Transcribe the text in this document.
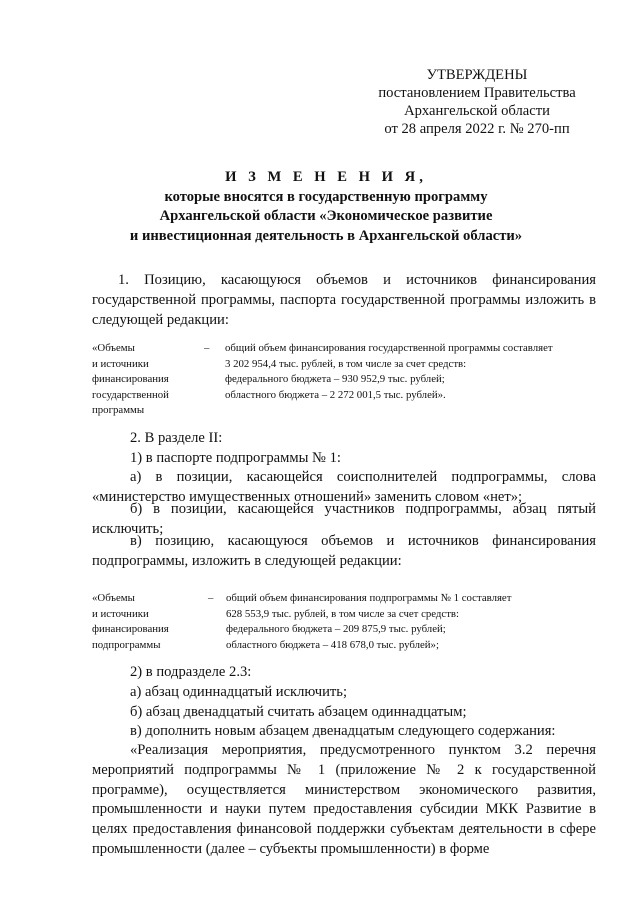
УТВЕРЖДЕНЫ
постановлением Правительства
Архангельской области
от 28 апреля 2022 г. № 270-пп
И З М Е Н Е Н И Я,
которые вносятся в государственную программу
Архангельской области «Экономическое развитие
и инвестиционная деятельность в Архангельской области»
1. Позицию, касающуюся объемов и источников финансирования государственной программы, паспорта государственной программы изложить в следующей редакции:
«Объемы
и источники
финансирования
государственной
программы
– общий объем финансирования государственной программы составляет
3 202 954,4 тыс. рублей, в том числе за счет средств:
федерального бюджета – 930 952,9 тыс. рублей;
областного бюджета – 2 272 001,5 тыс. рублей».
2. В разделе II:
1) в паспорте подпрограммы № 1:
а) в позиции, касающейся соисполнителей подпрограммы, слова «министерство имущественных отношений» заменить словом «нет»;
б) в позиции, касающейся участников подпрограммы, абзац пятый исключить;
в) позицию, касающуюся объемов и источников финансирования подпрограммы, изложить в следующей редакции:
«Объемы
и источники
финансирования
подпрограммы
– общий объем финансирования подпрограммы № 1 составляет
628 553,9 тыс. рублей, в том числе за счет средств:
федерального бюджета – 209 875,9 тыс. рублей;
областного бюджета – 418 678,0 тыс. рублей»;
2) в подразделе 2.3:
а) абзац одиннадцатый исключить;
б) абзац двенадцатый считать абзацем одиннадцатым;
в) дополнить новым абзацем двенадцатым следующего содержания:
«Реализация мероприятия, предусмотренного пунктом 3.2 перечня мероприятий подпрограммы № 1 (приложение № 2 к государственной программе), осуществляется министерством экономического развития, промышленности и науки путем предоставления субсидии МКК Развитие в целях предоставления финансовой поддержки субъектам деятельности в сфере промышленности (далее – субъекты промышленности) в форме
